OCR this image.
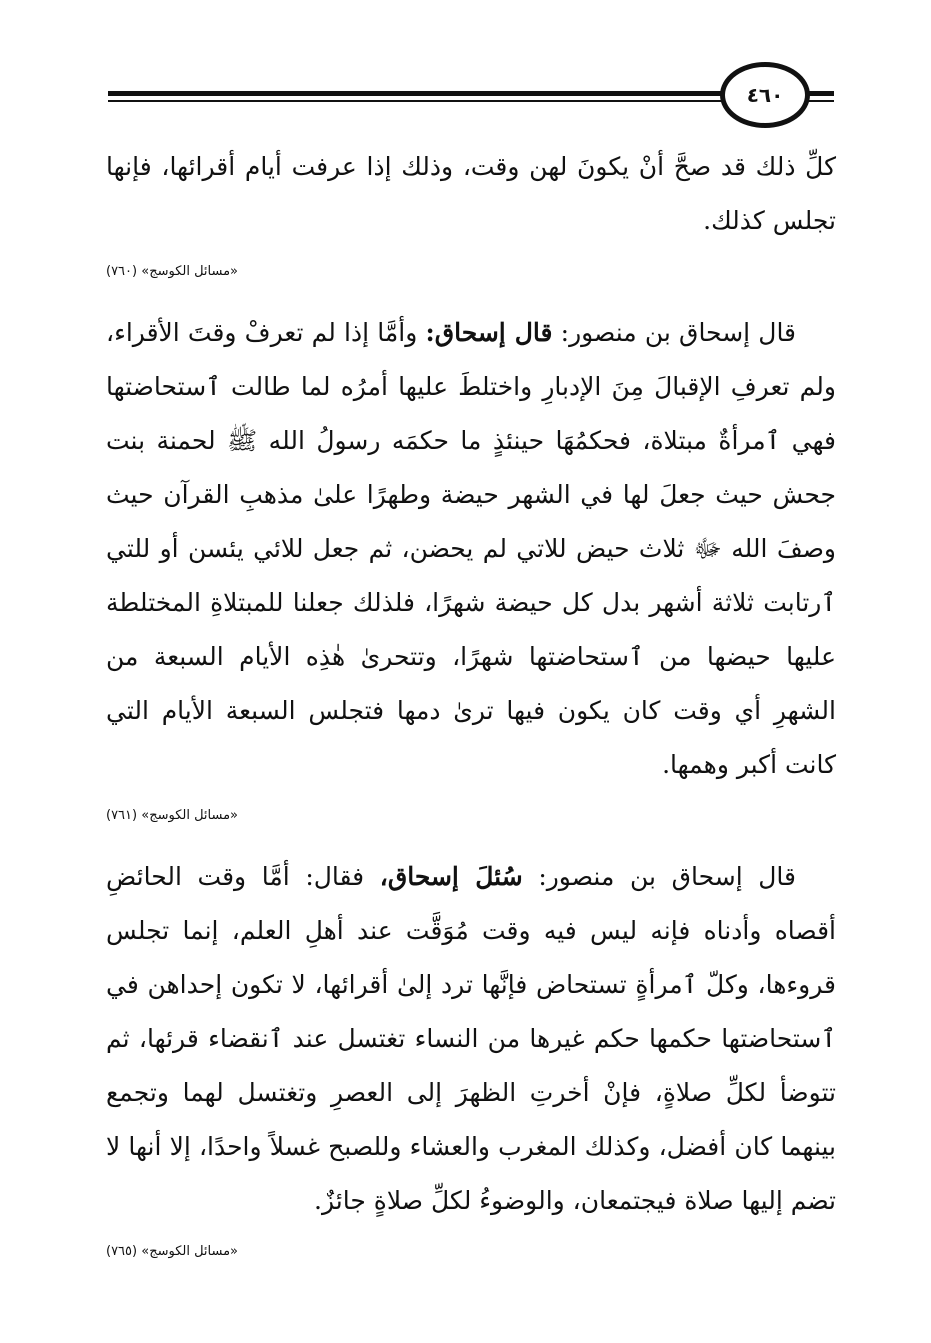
٤٦٠

كلِّ ذلك قد صحَّ أنْ يكونَ لهن وقت، وذلك إذا عرفت أيام أقرائها، فإنها تجلس كذلك.

«مسائل الكوسج» (٧٦٠)

قال إسحاق بن منصور: قال إسحاق: وأمَّا إذا لم تعرفْ وقتَ الأقراء، ولم تعرفِ الإقبالَ مِنَ الإدبارِ واختلطَ عليها أمرُه لما طالت ٱستحاضتها فهي ٱمرأةٌ مبتلاة، فحكمُهَا حينئذٍ ما حكمَه رسولُ الله ﷺ لحمنة بنت جحش حيث جعلَ لها في الشهر حيضة وطهرًا علىٰ مذهبِ القرآن حيث وصفَ الله ﷻ ثلاث حيض للاتي لم يحضن، ثم جعل للائي يئسن أو للتي ٱرتابت ثلاثة أشهر بدل كل حيضة شهرًا، فلذلك جعلنا للمبتلاةِ المختلطة عليها حيضها من ٱستحاضتها شهرًا، وتتحرىٰ هٰذِه الأيام السبعة من الشهرِ أي وقت كان يكون فيها ترىٰ دمها فتجلس السبعة الأيام التي كانت أكبر وهمها.

«مسائل الكوسج» (٧٦١)

قال إسحاق بن منصور: سُئلَ إسحاق، فقال: أمَّا وقت الحائضِ أقصاه وأدناه فإنه ليس فيه وقت مُوَقَّت عند أهلِ العلم، إنما تجلس قروءها، وكلّ ٱمرأةٍ تستحاض فإنَّها ترد إلىٰ أقرائها، لا تكون إحداهن في ٱستحاضتها حكمها حكم غيرها من النساء تغتسل عند ٱنقضاء قرئها، ثم تتوضأ لكلِّ صلاةٍ، فإنْ أخرتِ الظهرَ إلى العصرِ وتغتسل لهما وتجمع بينهما كان أفضل، وكذلك المغرب والعشاء وللصبح غسلاً واحدًا، إلا أنها لا تضم إليها صلاة فيجتمعان، والوضوءُ لكلِّ صلاةٍ جائزٌ.

«مسائل الكوسج» (٧٦٥)
